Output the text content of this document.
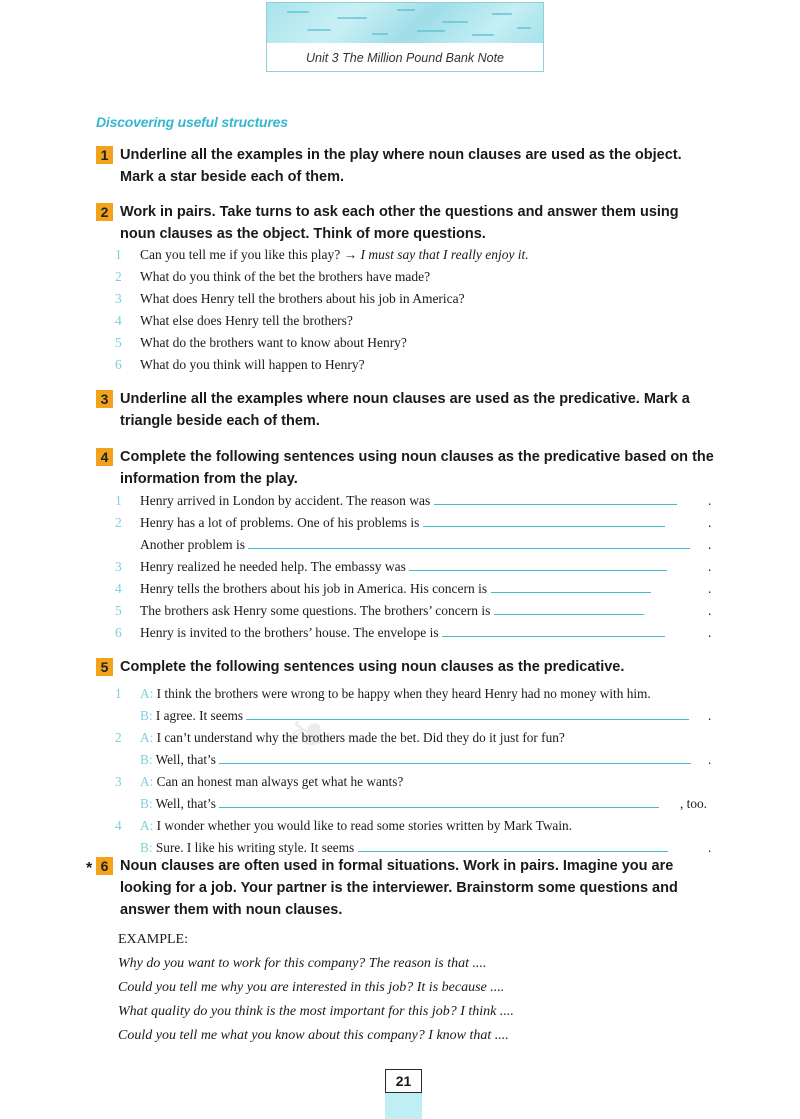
Unit 3 The Million Pound Bank Note
Discovering useful structures
❧
1 Underline all the examples in the play where noun clauses are used as the object. Mark a star beside each of them.
2 Work in pairs. Take turns to ask each other the questions and answer them using noun clauses as the object. Think of more questions.
1	Can you tell me if you like this play? → I must say that I really enjoy it.
2	What do you think of the bet the brothers have made?
3	What does Henry tell the brothers about his job in America?
4	What else does Henry tell the brothers?
5	What do the brothers want to know about Henry?
6	What do you think will happen to Henry?
3 Underline all the examples where noun clauses are used as the predicative. Mark a triangle beside each of them.
4 Complete the following sentences using noun clauses as the predicative based on the information from the play.
1	Henry arrived in London by accident. The reason was	.
2	Henry has a lot of problems. One of his problems is	.
Another problem is	.
3	Henry realized he needed help. The embassy was	.
4	Henry tells the brothers about his job in America. His concern is	.
5	The brothers ask Henry some questions. The brothers’ concern is	.
6	Henry is invited to the brothers’ house. The envelope is	.
5 Complete the following sentences using noun clauses as the predicative.
1	A: I think the brothers were wrong to be happy when they heard Henry had no money with him.
B: I agree. It seems	.
2	A: I can’t understand why the brothers made the bet. Did they do it just for fun?
B: Well, that’s	.
3	A: Can an honest man always get what he wants?
B: Well, that’s	, too.
4	A: I wonder whether you would like to read some stories written by Mark Twain.
B: Sure. I like his writing style. It seems	.
* 6 Noun clauses are often used in formal situations. Work in pairs. Imagine you are looking for a job. Your partner is the interviewer. Brainstorm some questions and answer them with noun clauses.
EXAMPLE:
Why do you want to work for this company? The reason is that ....
Could you tell me why you are interested in this job? It is because ....
What quality do you think is the most important for this job? I think ....
Could you tell me what you know about this company? I know that ....
21
